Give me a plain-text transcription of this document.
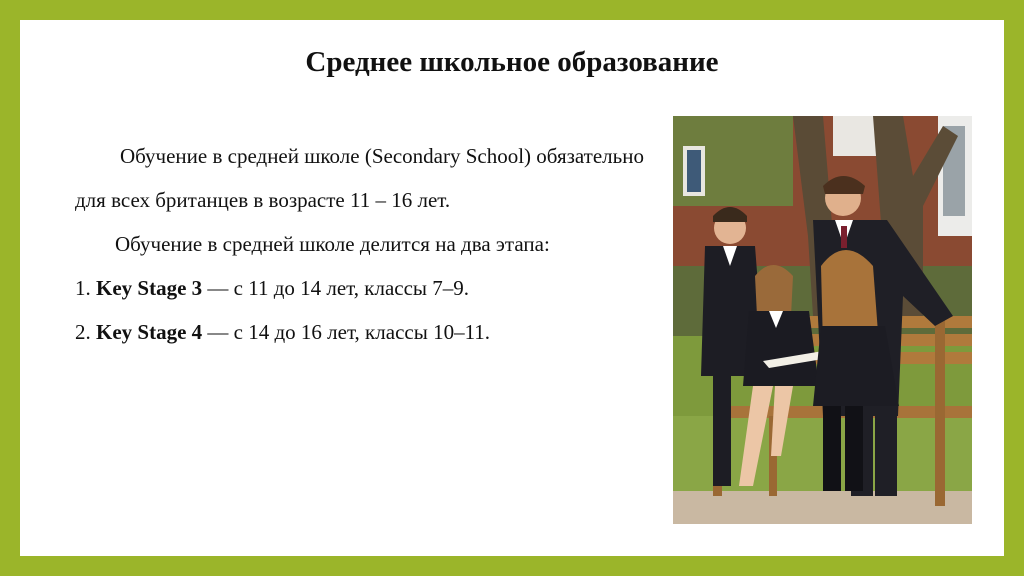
Среднее школьное образование

Обучение в средней школе (Secondary School) обязательно для всех британцев в возрасте 11 – 16 лет.

Обучение в средней школе делится на два этапа:

1. Key Stage 3 — с 11 до 14 лет, классы 7–9.

2. Key Stage 4 — с 14 до 16 лет, классы 10–11.
